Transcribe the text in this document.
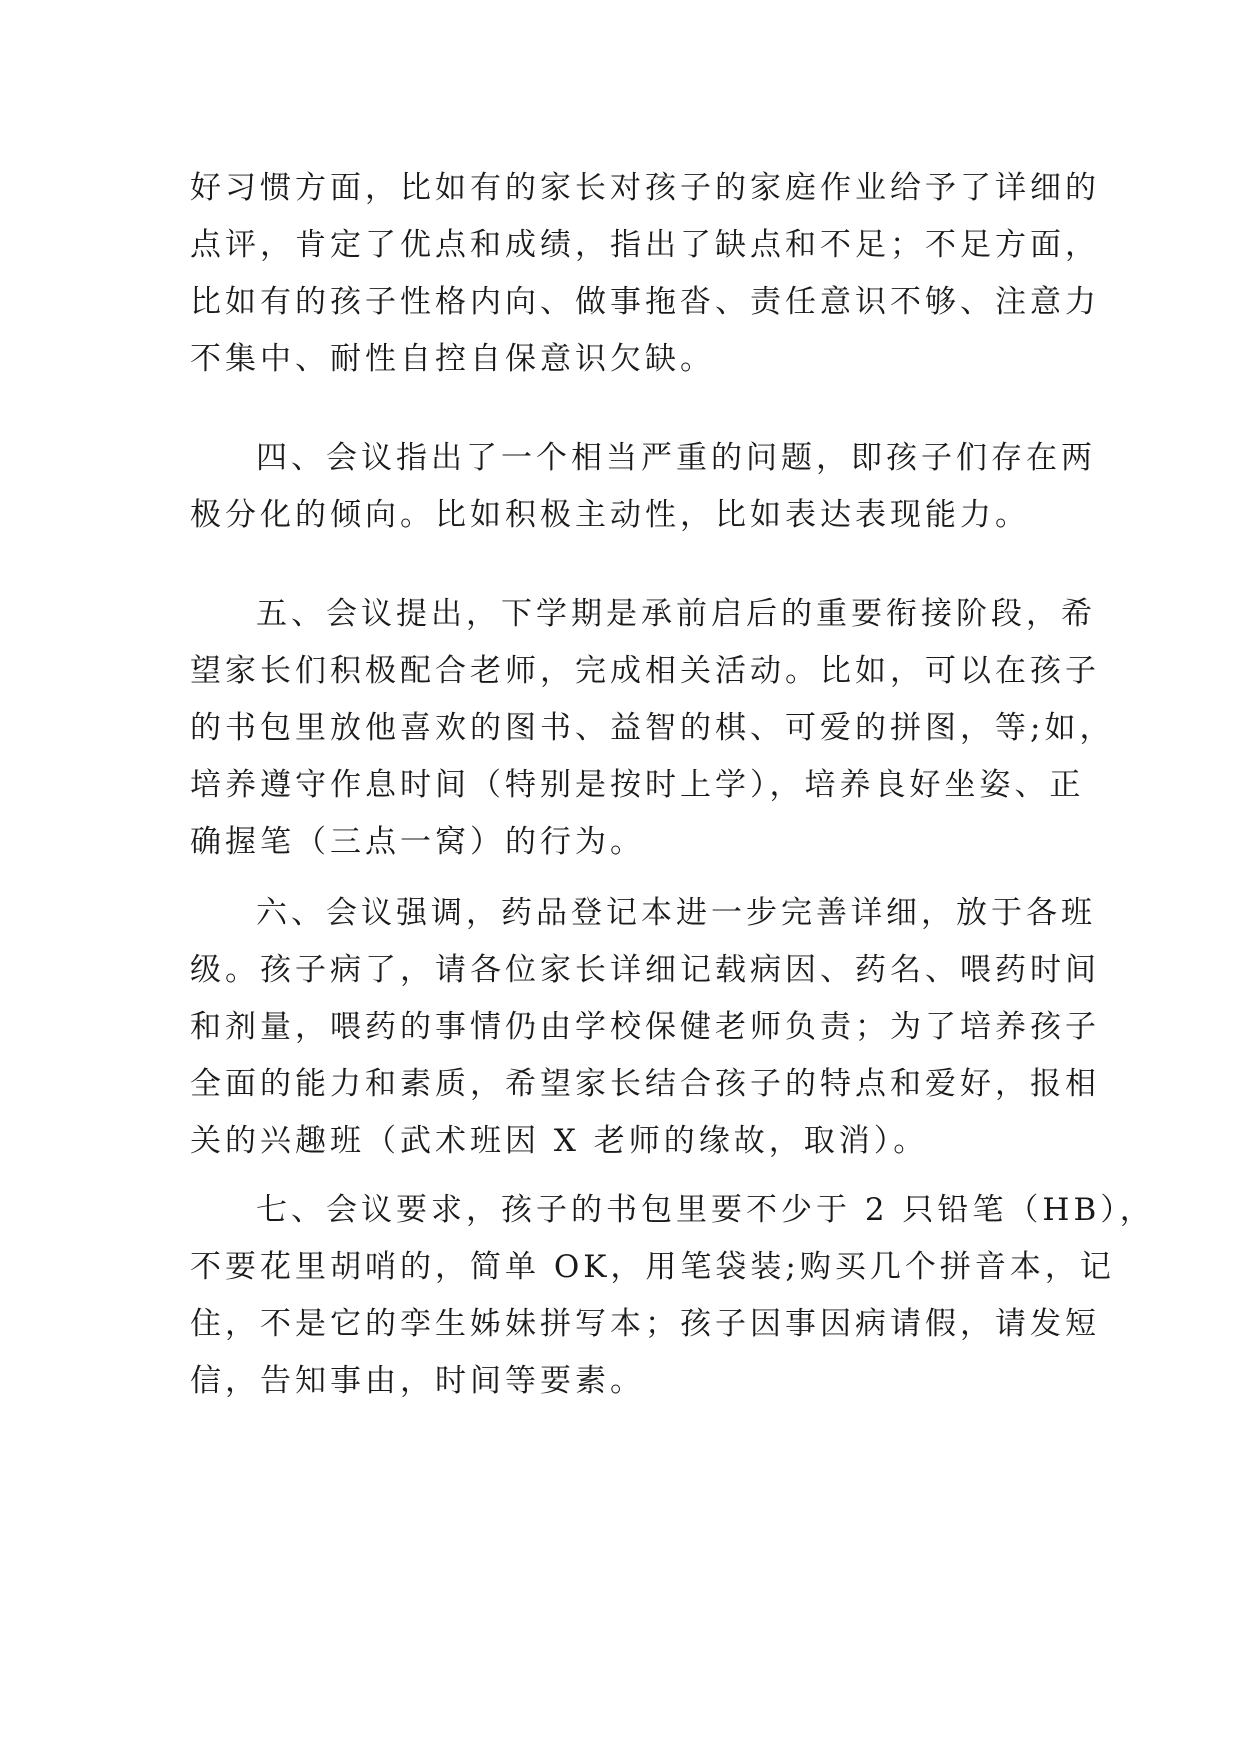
好习惯方面，比如有的家长对孩子的家庭作业给予了详细的
点评，肯定了优点和成绩，指出了缺点和不足；不足方面，
比如有的孩子性格内向、做事拖沓、责任意识不够、注意力
不集中、耐性自控自保意识欠缺。
四、会议指出了一个相当严重的问题，即孩子们存在两
极分化的倾向。比如积极主动性，比如表达表现能力。
五、会议提出，下学期是承前启后的重要衔接阶段，希
望家长们积极配合老师，完成相关活动。比如，可以在孩子
的书包里放他喜欢的图书、益智的棋、可爱的拼图，等;如，
培养遵守作息时间（特别是按时上学），培养良好坐姿、正
确握笔（三点一窝）的行为。
六、会议强调，药品登记本进一步完善详细，放于各班
级。孩子病了，请各位家长详细记载病因、药名、喂药时间
和剂量，喂药的事情仍由学校保健老师负责；为了培养孩子
全面的能力和素质，希望家长结合孩子的特点和爱好，报相
关的兴趣班（武术班因 X 老师的缘故，取消）。
七、会议要求，孩子的书包里要不少于 2 只铅笔（HB），
不要花里胡哨的，简单 OK，用笔袋装;购买几个拼音本，记
住，不是它的孪生姊妹拼写本；孩子因事因病请假，请发短
信，告知事由，时间等要素。
